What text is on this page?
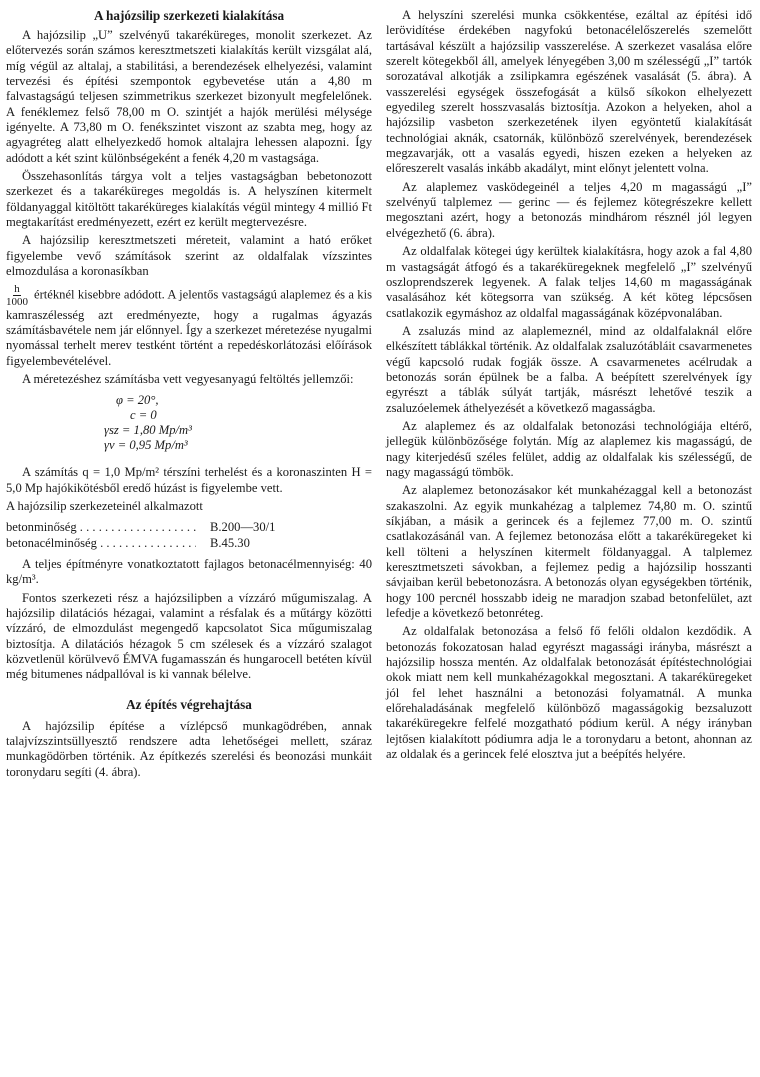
A hajózsilip szerkezeti kialakítása

A hajózsilip „U” szelvényű takaréküreges, monolit szerkezet. Az előtervezés során számos keresztmetszeti kialakítás került vizsgálat alá, míg végül az altalaj, a stabilitási, a berendezések elhelyezési, valamint tervezési és építési szempontok egybevetése után a 4,80 m falvastagságú teljesen szimmetrikus szerkezet bizonyult megfelelőnek. A fenéklemez felső 78,00 m O. szintjét a hajók merülési mélysége igényelte. A 73,80 m O. fenékszintet viszont az szabta meg, hogy az agyagréteg alatt elhelyezkedő homok altalajra lehessen alapozni. Így adódott a két szint különbségeként a fenék 4,20 m vastagsága.

Összehasonlítás tárgya volt a teljes vastagságban bebetonozott szerkezet és a takaréküreges megoldás is. A helyszínen kitermelt földanyaggal kitöltött takaréküreges kialakítás végül mintegy 4 millió Ft megtakarítást eredményezett, ezért ez került megtervezésre.

A hajózsilip keresztmetszeti méreteit, valamint a ható erőket figyelembe vevő számítások szerint az oldalfalak vízszintes elmozdulása a koronasíkban

$\frac{h}{1000}$ értéknél kisebbre adódott. A jelentős vastagságú alaplemez és a kis kamraszélesség azt eredményezte, hogy a rugalmas ágyazás számításbavétele nem jár előnnyel. Így a szerkezet méretezése nyugalmi nyomással terhelt merev testként történt a repedéskorlátozási előírások figyelembevételével.

A méretezéshez számításba vett vegyesanyagú feltöltés jellemzői:

φ = 20°,
c = 0
γsz = 1,80 Mp/m³
γv = 0,95 Mp/m³

A számítás q = 1,0 Mp/m² térszíni terhelést és a koronaszinten H = 5,0 Mp hajókikötésből eredő húzást is figyelembe vett.

A hajózsilip szerkezeteinél alkalmazott

betonminőség . . .	B.200—30/1
betonacélminőség . . .	B.45.30

A teljes építményre vonatkoztatott fajlagos betonacélmennyiség: 40 kg/m³.

Fontos szerkezeti rész a hajózsilipben a vízzáró műgumiszalag. A hajózsilip dilatációs hézagai, valamint a résfalak és a műtárgy közötti vízzáró, de elmozdulást megengedő kapcsolatot Sica műgumiszalag biztosítja. A dilatációs hézagok 5 cm szélesek és a vízzáró szalagot közvetlenül körülvevő ÉMVA fugamasszán és hungarocell betéten kívül még bitumenes nádpallóval is ki vannak bélelve.

Az építés végrehajtása

A hajózsilip építése a vízlépcső munkagödrében, annak talajvízszintsüllyesztő rendszere adta lehetőségei mellett, száraz munkagödörben történik. Az építkezés szerelési és beonozási munkáit toronydaru segíti (4. ábra).

A helyszíni szerelési munka csökkentése, ezáltal az építési idő lerövidítése érdekében nagyfokú betonacélelőszerelés szemelőtt tartásával készült a hajózsilip vasszerelése. A szerkezet vasalása előre szerelt kötegekből áll, amelyek lényegében 3,00 m szélességű „I” tartók sorozatával alkotják a zsilipkamra egészének vasalását (5. ábra). A vasszerelési egységek összefogását a külső síkokon elhelyezett egyedileg szerelt hosszvasalás biztosítja. Azokon a helyeken, ahol a hajózsilip vasbeton szerkezetének ilyen egyöntetű kialakítását technológiai aknák, csatornák, különböző szerelvények, berendezések megzavarják, ott a vasalás egyedi, hiszen ezeken a helyeken az előreszerelt vasalás inkább akadályt, mint előnyt jelentett volna.

Az alaplemez vasködegeinél a teljes 4,20 m magasságú „I” szelvényű talplemez — gerinc — és fejlemez kötegrészekre kellett megosztani azért, hogy a betonozás mindhárom résznél jól legyen elvégezhető (6. ábra).

Az oldalfalak kötegei úgy kerültek kialakításra, hogy azok a fal 4,80 m vastagságát átfogó és a takaréküregeknek megfelelő „I” szelvényű oszloprendszerek legyenek. A falak teljes 14,60 m magasságának vasalásához két kötegsorra van szükség. A két köteg lépcsősen csatlakozik egymáshoz az oldalfal magasságának középvonalában.

A zsaluzás mind az alaplemeznél, mind az oldalfalaknál előre elkészített táblákkal történik. Az oldalfalak zsaluzótábláit csavarmenetes végű kapcsoló rudak fogják össze. A csavarmenetes acélrudak a betonozás során épülnek be a falba. A beépített szerelvények így egyrészt a táblák súlyát tartják, másrészt lehetővé teszik a zsaluzóelemek áthelyezését a következő magasságba.

Az alaplemez és az oldalfalak betonozási technológiája eltérő, jellegük különbözősége folytán. Míg az alaplemez kis magasságú, de nagy kiterjedésű széles felület, addig az oldalfalak kis szélességű, de nagy magasságú tömbök.

Az alaplemez betonozásakor két munkahézaggal kell a betonozást szakaszolni. Az egyik munkahézag a talplemez 74,80 m. O. szintű síkjában, a másik a gerincek és a fejlemez 77,00 m. O. szintű csatlakozásánál van. A fejlemez betonozása előtt a takaréküregeket ki kell tölteni a helyszínen kitermelt földanyaggal. A talplemez keresztmetszeti sávokban, a fejlemez pedig a hajózsilip hosszanti sávjaiban kerül bebetonozásra. A betonozás olyan egységekben történik, hogy 100 percnél hosszabb ideig ne maradjon szabad betonfelület, azt lefedje a következő betonréteg.

Az oldalfalak betonozása a felső fő felőli oldalon kezdődik. A betonozás fokozatosan halad egyrészt magassági irányba, másrészt a hajózsilip hossza mentén. Az oldalfalak betonozását építéstechnológiai okok miatt nem kell munkahézagokkal megosztani. A takaréküregeket jól fel lehet használni a betonozási folyamatnál. A munka előrehaladásának megfelelő különböző magasságokig bezsaluzott takaréküregekre felfelé mozgatható pódium kerül. A négy irányban lejtősen kialakított pódiumra adja le a toronydaru a betont, ahonnan az az oldalak és a gerincek felé elosztva jut a beépítés helyére.
